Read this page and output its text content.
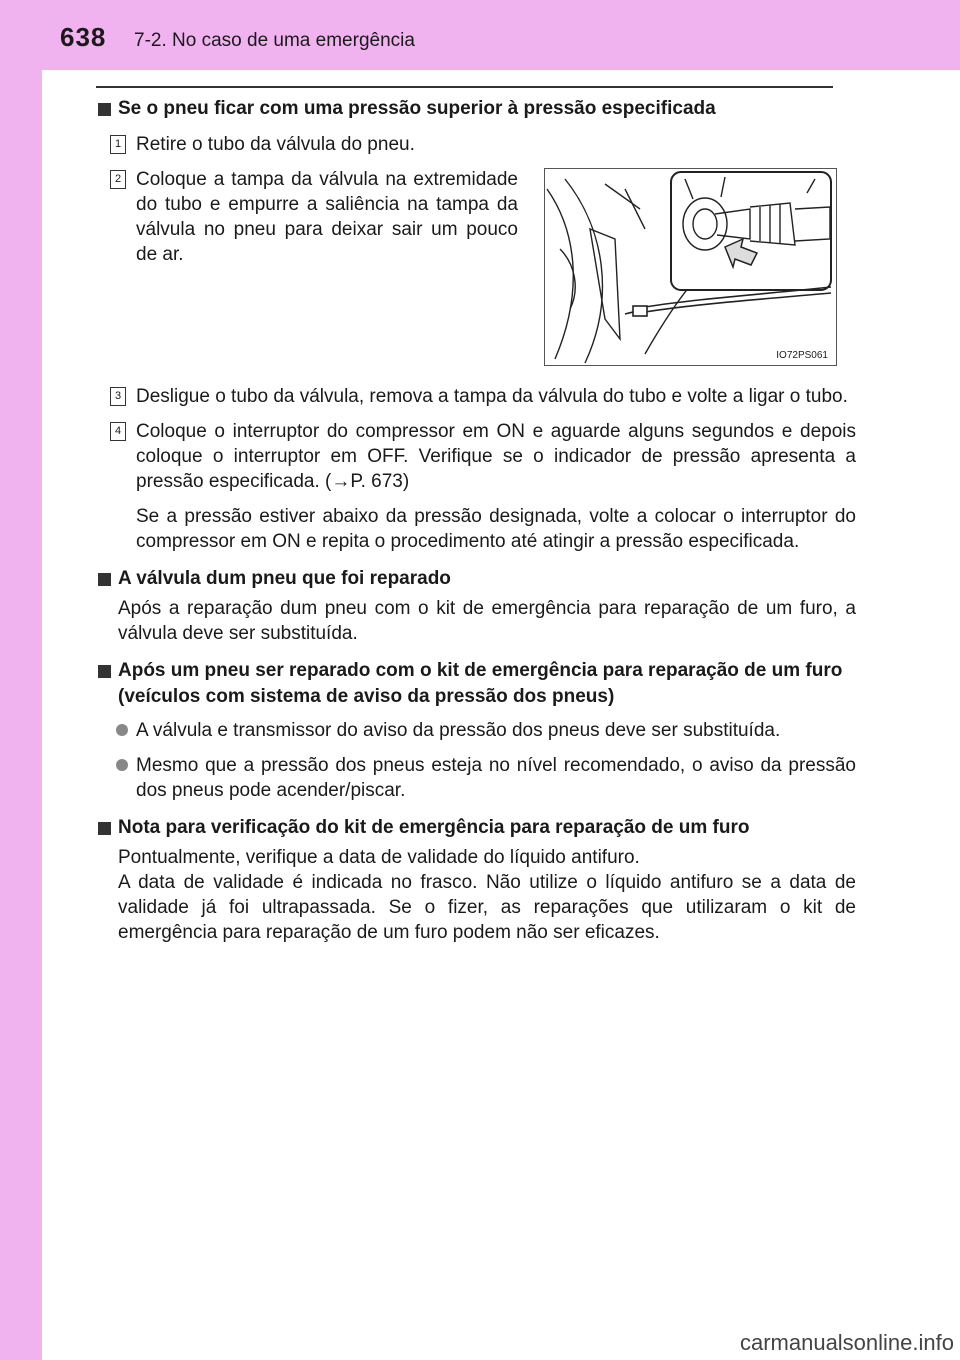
638 7-2. No caso de uma emergência
Se o pneu ficar com uma pressão superior à pressão especificada
1 Retire o tubo da válvula do pneu.
2 Coloque a tampa da válvula na extremidade do tubo e empurre a saliência na tampa da válvula no pneu para deixar sair um pouco de ar.
3 Desligue o tubo da válvula, remova a tampa da válvula do tubo e volte a ligar o tubo.
4 Coloque o interruptor do compressor em ON e aguarde alguns segundos e depois coloque o interruptor em OFF. Verifique se o indicador de pressão apresenta a pressão especificada. (→P. 673)
Se a pressão estiver abaixo da pressão designada, volte a colocar o interruptor do compressor em ON e repita o procedimento até atingir a pressão especificada.
A válvula dum pneu que foi reparado
Após a reparação dum pneu com o kit de emergência para reparação de um furo, a válvula deve ser substituída.
Após um pneu ser reparado com o kit de emergência para reparação de um furo (veículos com sistema de aviso da pressão dos pneus)
A válvula e transmissor do aviso da pressão dos pneus deve ser substituída.
Mesmo que a pressão dos pneus esteja no nível recomendado, o aviso da pressão dos pneus pode acender/piscar.
Nota para verificação do kit de emergência para reparação de um furo
Pontualmente, verifique a data de validade do líquido antifuro.
A data de validade é indicada no frasco. Não utilize o líquido antifuro se a data de validade já foi ultrapassada. Se o fizer, as reparações que utilizaram o kit de emergência para reparação de um furo podem não ser eficazes.
IO72PS061
carmanualsonline.info
